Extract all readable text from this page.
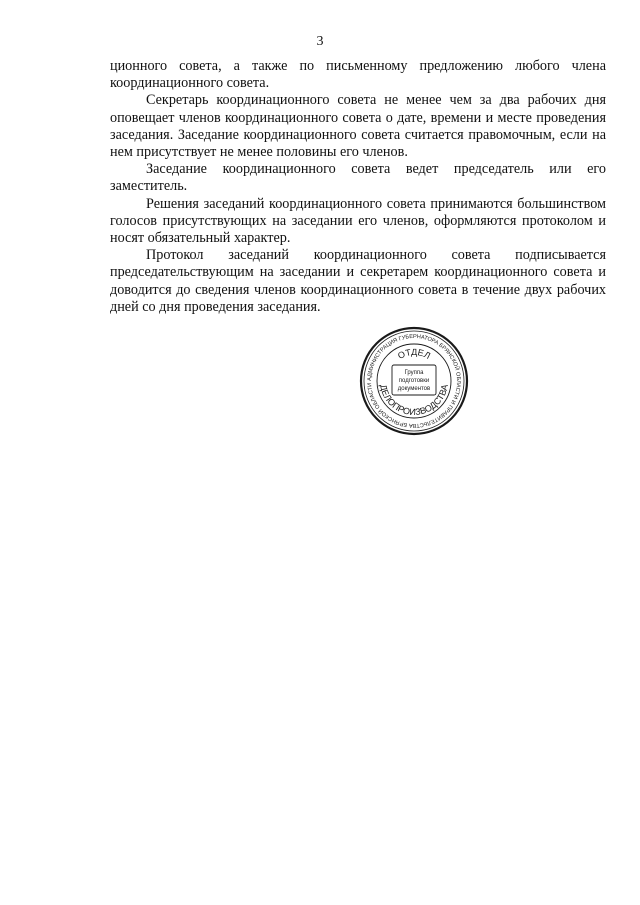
3

ционного совета, а также по письменному предложению любого члена координационного совета.

Секретарь координационного совета не менее чем за два рабочих дня оповещает членов координационного совета о дате, времени и месте проведения заседания. Заседание координационного совета считается правомочным, если на нем присутствует не менее половины его членов.

Заседание координационного совета ведет председатель или его заместитель.

Решения заседаний координационного совета принимаются большинством голосов присутствующих на заседании его членов, оформляются протоколом и носят обязательный характер.

Протокол заседаний координационного совета подписывается председательствующим на заседании и секретарем координационного совета и доводится до сведения членов координационного совета в течение двух рабочих дней со дня проведения заседания.

АДМИНИСТРАЦИЯ ГУБЕРНАТОРА БРЯНСКОЙ ОБЛАСТИ И ПРАВИТЕЛЬСТВА БРЯНСКОЙ ОБЛАСТИ
ОТДЕЛ
ДЕЛОПРОИЗВОДСТВА
Группа
подготовки
документов
